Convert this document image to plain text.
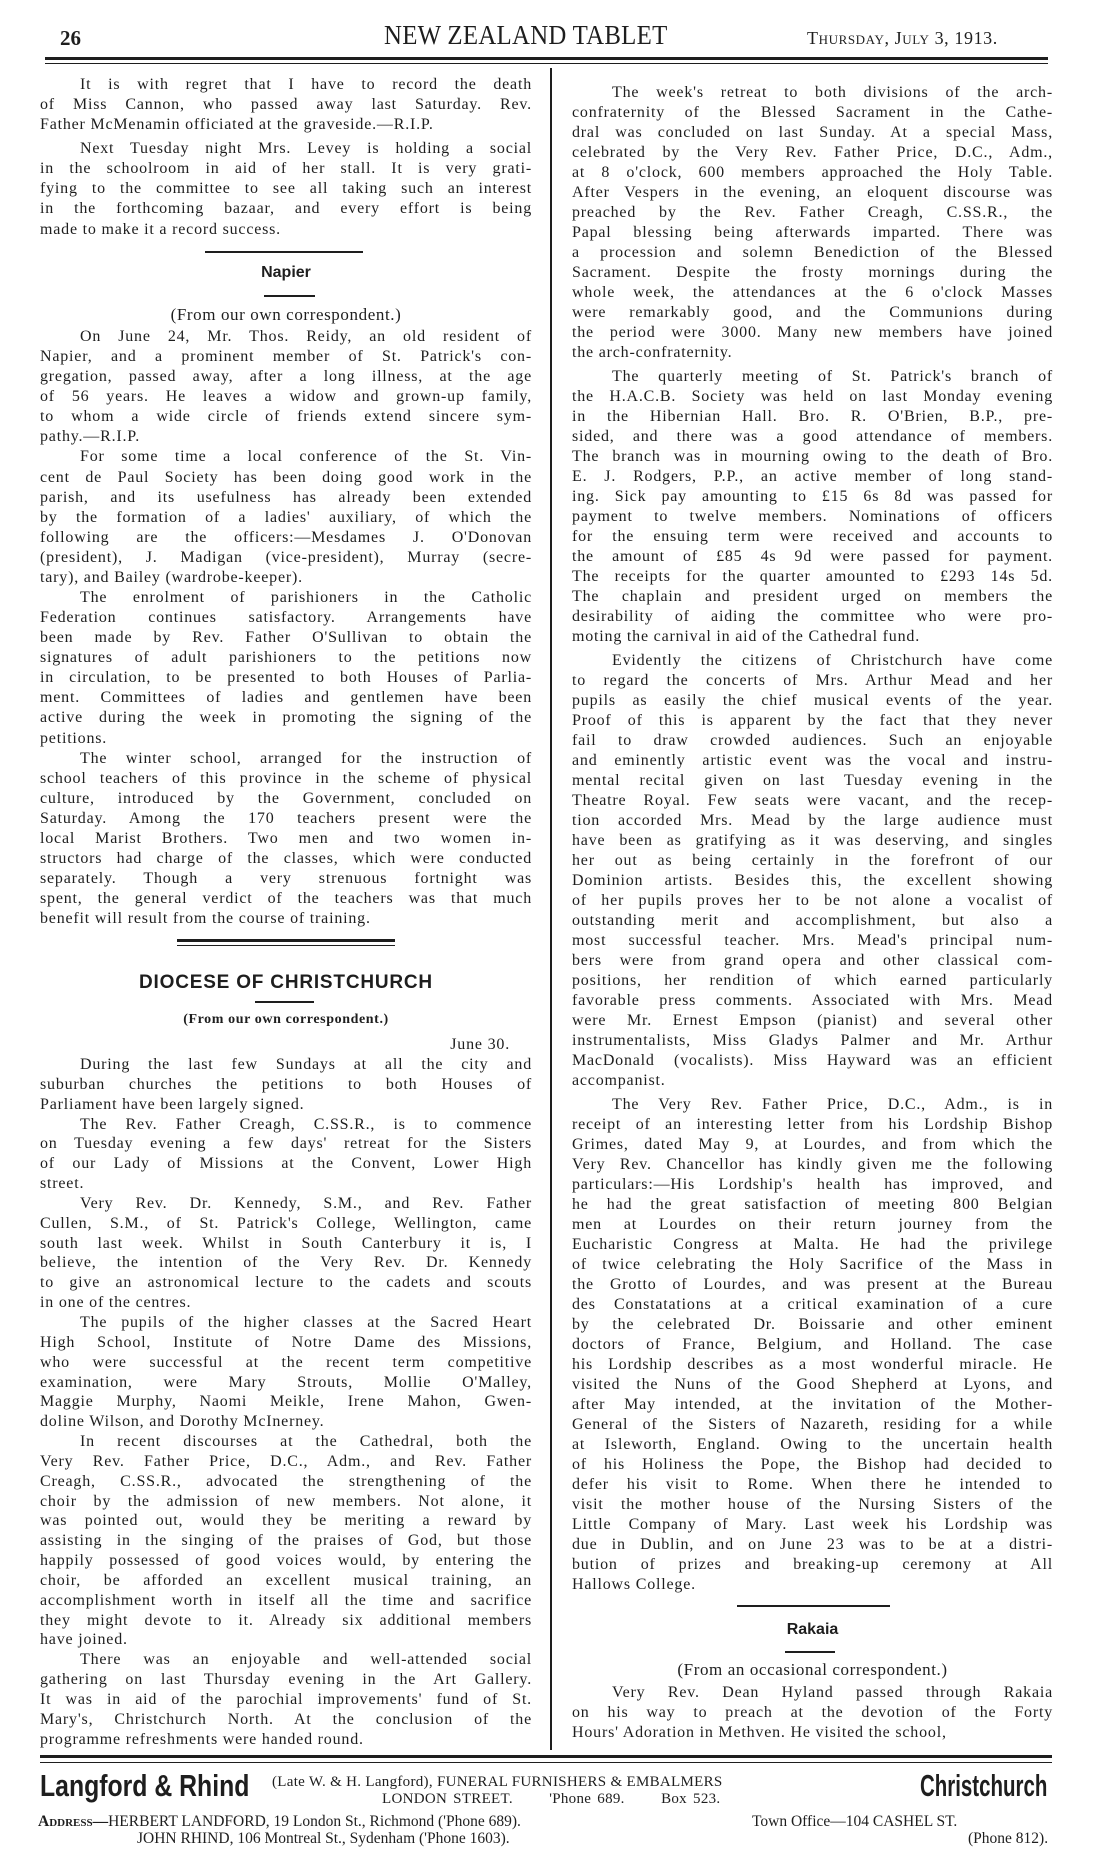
26	NEW ZEALAND TABLET	Thursday, July 3, 1913.
It is with regret that I have to record the death
of Miss Cannon, who passed away last Saturday. Rev.
Father McMenamin officiated at the graveside.—R.I.P.
Next Tuesday night Mrs. Levey is holding a social
in the schoolroom in aid of her stall. It is very grati-
fying to the committee to see all taking such an interest
in the forthcoming bazaar, and every effort is being
made to make it a record success.
Napier
(From our own correspondent.)
On June 24, Mr. Thos. Reidy, an old resident of
Napier, and a prominent member of St. Patrick's con-
gregation, passed away, after a long illness, at the age
of 56 years. He leaves a widow and grown-up family,
to whom a wide circle of friends extend sincere sym-
pathy.—R.I.P.
For some time a local conference of the St. Vin-
cent de Paul Society has been doing good work in the
parish, and its usefulness has already been extended
by the formation of a ladies' auxiliary, of which the
following are the officers:—Mesdames J. O'Donovan
(president), J. Madigan (vice-president), Murray (secre-
tary), and Bailey (wardrobe-keeper).
The enrolment of parishioners in the Catholic
Federation continues satisfactory. Arrangements have
been made by Rev. Father O'Sullivan to obtain the
signatures of adult parishioners to the petitions now
in circulation, to be presented to both Houses of Parlia-
ment. Committees of ladies and gentlemen have been
active during the week in promoting the signing of the
petitions.
The winter school, arranged for the instruction of
school teachers of this province in the scheme of physical
culture, introduced by the Government, concluded on
Saturday. Among the 170 teachers present were the
local Marist Brothers. Two men and two women in-
structors had charge of the classes, which were conducted
separately. Though a very strenuous fortnight was
spent, the general verdict of the teachers was that much
benefit will result from the course of training.
DIOCESE OF CHRISTCHURCH
(From our own correspondent.)
June 30.
During the last few Sundays at all the city and
suburban churches the petitions to both Houses of
Parliament have been largely signed.
The Rev. Father Creagh, C.SS.R., is to commence
on Tuesday evening a few days' retreat for the Sisters
of our Lady of Missions at the Convent, Lower High
street.
Very Rev. Dr. Kennedy, S.M., and Rev. Father
Cullen, S.M., of St. Patrick's College, Wellington, came
south last week. Whilst in South Canterbury it is, I
believe, the intention of the Very Rev. Dr. Kennedy
to give an astronomical lecture to the cadets and scouts
in one of the centres.
The pupils of the higher classes at the Sacred Heart
High School, Institute of Notre Dame des Missions,
who were successful at the recent term competitive
examination, were Mary Strouts, Mollie O'Malley,
Maggie Murphy, Naomi Meikle, Irene Mahon, Gwen-
doline Wilson, and Dorothy McInerney.
In recent discourses at the Cathedral, both the
Very Rev. Father Price, D.C., Adm., and Rev. Father
Creagh, C.SS.R., advocated the strengthening of the
choir by the admission of new members. Not alone, it
was pointed out, would they be meriting a reward by
assisting in the singing of the praises of God, but those
happily possessed of good voices would, by entering the
choir, be afforded an excellent musical training, an
accomplishment worth in itself all the time and sacrifice
they might devote to it. Already six additional members
have joined.
There was an enjoyable and well-attended social
gathering on last Thursday evening in the Art Gallery.
It was in aid of the parochial improvements' fund of St.
Mary's, Christchurch North. At the conclusion of the
programme refreshments were handed round.
The week's retreat to both divisions of the arch-
confraternity of the Blessed Sacrament in the Cathe-
dral was concluded on last Sunday. At a special Mass,
celebrated by the Very Rev. Father Price, D.C., Adm.,
at 8 o'clock, 600 members approached the Holy Table.
After Vespers in the evening, an eloquent discourse was
preached by the Rev. Father Creagh, C.SS.R., the
Papal blessing being afterwards imparted. There was
a procession and solemn Benediction of the Blessed
Sacrament. Despite the frosty mornings during the
whole week, the attendances at the 6 o'clock Masses
were remarkably good, and the Communions during
the period were 3000. Many new members have joined
the arch-confraternity.
The quarterly meeting of St. Patrick's branch of
the H.A.C.B. Society was held on last Monday evening
in the Hibernian Hall. Bro. R. O'Brien, B.P., pre-
sided, and there was a good attendance of members.
The branch was in mourning owing to the death of Bro.
E. J. Rodgers, P.P., an active member of long stand-
ing. Sick pay amounting to £15 6s 8d was passed for
payment to twelve members. Nominations of officers
for the ensuing term were received and accounts to
the amount of £85 4s 9d were passed for payment.
The receipts for the quarter amounted to £293 14s 5d.
The chaplain and president urged on members the
desirability of aiding the committee who were pro-
moting the carnival in aid of the Cathedral fund.
Evidently the citizens of Christchurch have come
to regard the concerts of Mrs. Arthur Mead and her
pupils as easily the chief musical events of the year.
Proof of this is apparent by the fact that they never
fail to draw crowded audiences. Such an enjoyable
and eminently artistic event was the vocal and instru-
mental recital given on last Tuesday evening in the
Theatre Royal. Few seats were vacant, and the recep-
tion accorded Mrs. Mead by the large audience must
have been as gratifying as it was deserving, and singles
her out as being certainly in the forefront of our
Dominion artists. Besides this, the excellent showing
of her pupils proves her to be not alone a vocalist of
outstanding merit and accomplishment, but also a
most successful teacher. Mrs. Mead's principal num-
bers were from grand opera and other classical com-
positions, her rendition of which earned particularly
favorable press comments. Associated with Mrs. Mead
were Mr. Ernest Empson (pianist) and several other
instrumentalists, Miss Gladys Palmer and Mr. Arthur
MacDonald (vocalists). Miss Hayward was an efficient
accompanist.
The Very Rev. Father Price, D.C., Adm., is in
receipt of an interesting letter from his Lordship Bishop
Grimes, dated May 9, at Lourdes, and from which the
Very Rev. Chancellor has kindly given me the following
particulars:—His Lordship's health has improved, and
he had the great satisfaction of meeting 800 Belgian
men at Lourdes on their return journey from the
Eucharistic Congress at Malta. He had the privilege
of twice celebrating the Holy Sacrifice of the Mass in
the Grotto of Lourdes, and was present at the Bureau
des Constatations at a critical examination of a cure
by the celebrated Dr. Boissarie and other eminent
doctors of France, Belgium, and Holland. The case
his Lordship describes as a most wonderful miracle. He
visited the Nuns of the Good Shepherd at Lyons, and
after May intended, at the invitation of the Mother-
General of the Sisters of Nazareth, residing for a while
at Isleworth, England. Owing to the uncertain health
of his Holiness the Pope, the Bishop had decided to
defer his visit to Rome. When there he intended to
visit the mother house of the Nursing Sisters of the
Little Company of Mary. Last week his Lordship was
due in Dublin, and on June 23 was to be at a distri-
bution of prizes and breaking-up ceremony at All
Hallows College.
Rakaia
(From an occasional correspondent.)
Very Rev. Dean Hyland passed through Rakaia
on his way to preach at the devotion of the Forty
Hours' Adoration in Methven. He visited the school,
Langford & Rhind	(Late W. & H. Langford), FUNERAL FURNISHERS & EMBALMERS
LONDON STREET. 'Phone 689. Box 523.	Christchurch
Address—HERBERT LANDFORD, 19 London St., Richmond ('Phone 689).
JOHN RHIND, 106 Montreal St., Sydenham ('Phone 1603).
Town Office—104 CASHEL ST.
(Phone 812).
